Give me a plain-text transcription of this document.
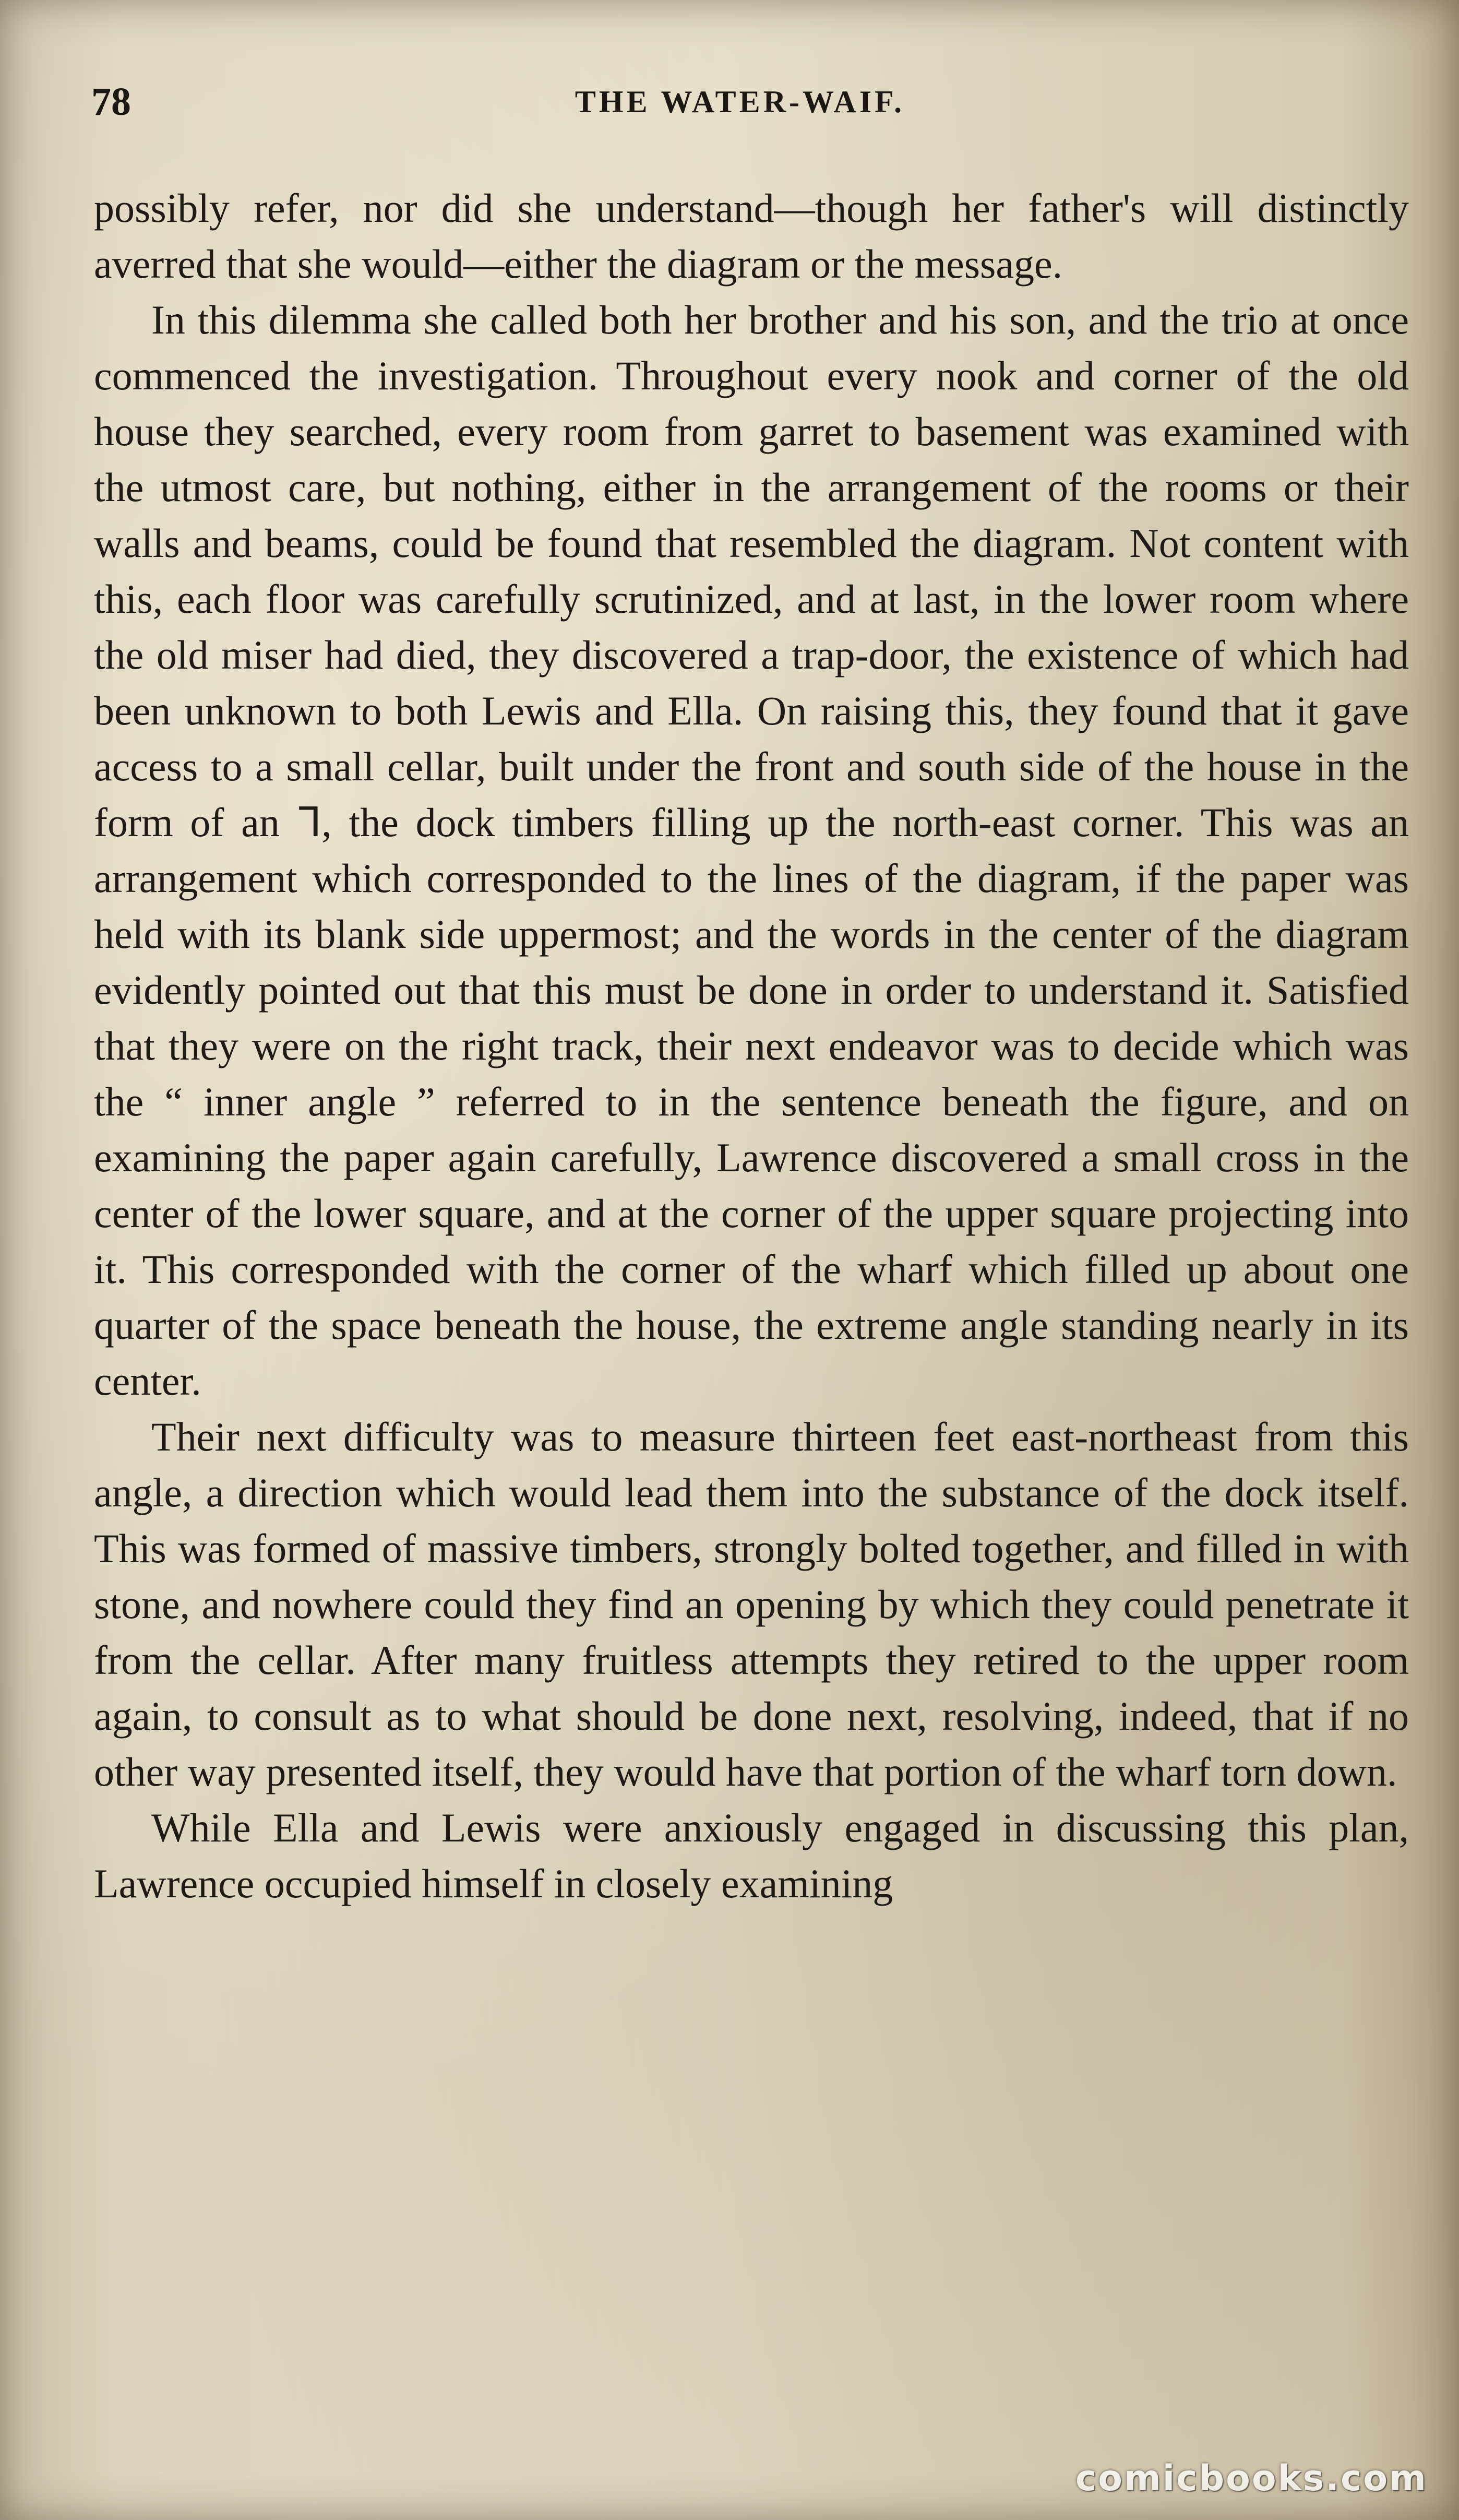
78	THE WATER-WAIF.

possibly refer, nor did she understand—though her father's will distinctly averred that she would—either the diagram or the message.

In this dilemma she called both her brother and his son, and the trio at once commenced the investigation. Throughout every nook and corner of the old house they searched, every room from garret to basement was examined with the utmost care, but nothing, either in the arrangement of the rooms or their walls and beams, could be found that resembled the diagram. Not content with this, each floor was carefully scrutinized, and at last, in the lower room where the old miser had died, they discovered a trap-door, the existence of which had been unknown to both Lewis and Ella. On raising this, they found that it gave access to a small cellar, built under the front and south side of the house in the form of an ᒣ, the dock timbers filling up the north-east corner. This was an arrangement which corresponded to the lines of the diagram, if the paper was held with its blank side uppermost; and the words in the center of the diagram evidently pointed out that this must be done in order to understand it. Satisfied that they were on the right track, their next endeavor was to decide which was the “ inner angle ” referred to in the sentence beneath the figure, and on examining the paper again carefully, Lawrence discovered a small cross in the center of the lower square, and at the corner of the upper square projecting into it. This corresponded with the corner of the wharf which filled up about one quarter of the space beneath the house, the extreme angle standing nearly in its center.

Their next difficulty was to measure thirteen feet east-northeast from this angle, a direction which would lead them into the substance of the dock itself. This was formed of massive timbers, strongly bolted together, and filled in with stone, and nowhere could they find an opening by which they could penetrate it from the cellar. After many fruitless attempts they retired to the upper room again, to consult as to what should be done next, resolving, indeed, that if no other way presented itself, they would have that portion of the wharf torn down.

While Ella and Lewis were anxiously engaged in discussing this plan, Lawrence occupied himself in closely examining

comicbooks.com
